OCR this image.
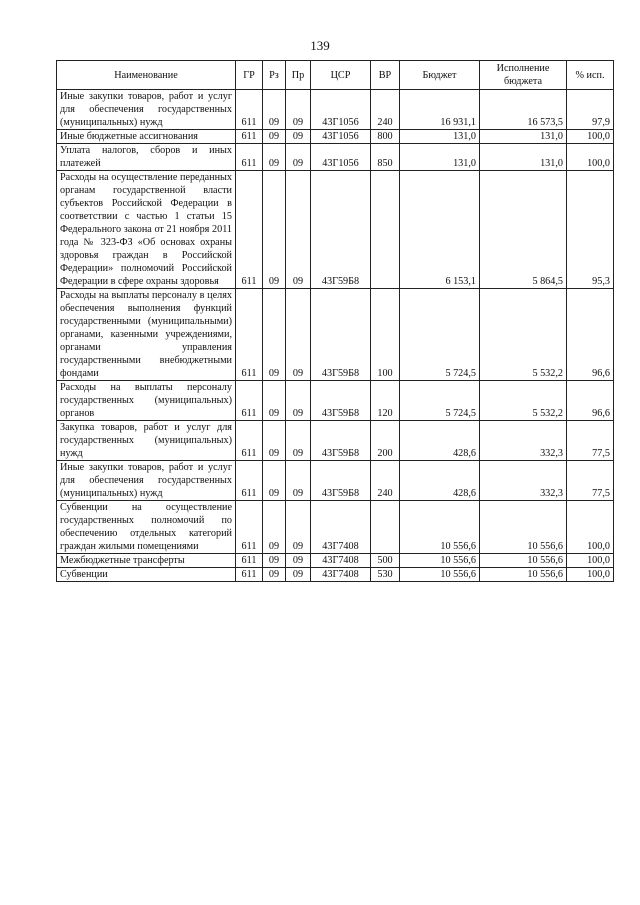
139
Наименование	ГР	Рз	Пр	ЦСР	ВР	Бюджет	Исполнение бюджета	% исп.
Иные закупки товаров, работ и услуг для обеспечения государственных (муниципальных) нужд	611	09	09	43Г1056	240	16 931,1	16 573,5	97,9
Иные бюджетные ассигнования	611	09	09	43Г1056	800	131,0	131,0	100,0
Уплата налогов, сборов и иных платежей	611	09	09	43Г1056	850	131,0	131,0	100,0
Расходы на осуществление переданных органам государственной власти субъектов Российской Федерации в соответствии с частью 1 статьи 15 Федерального закона от 21 ноября 2011 года № 323-ФЗ «Об основах охраны здоровья граждан в Российской Федерации» полномочий Российской Федерации в сфере охраны здоровья	611	09	09	43Г59Б8		6 153,1	5 864,5	95,3
Расходы на выплаты персоналу в целях обеспечения выполнения функций государственными (муниципальными) органами, казенными учреждениями, органами управления государственными внебюджетными фондами	611	09	09	43Г59Б8	100	5 724,5	5 532,2	96,6
Расходы на выплаты персоналу государственных (муниципальных) органов	611	09	09	43Г59Б8	120	5 724,5	5 532,2	96,6
Закупка товаров, работ и услуг для государственных (муниципальных) нужд	611	09	09	43Г59Б8	200	428,6	332,3	77,5
Иные закупки товаров, работ и услуг для обеспечения государственных (муниципальных) нужд	611	09	09	43Г59Б8	240	428,6	332,3	77,5
Субвенции на осуществление государственных полномочий по обеспечению отдельных категорий граждан жилыми помещениями	611	09	09	43Г7408		10 556,6	10 556,6	100,0
Межбюджетные трансферты	611	09	09	43Г7408	500	10 556,6	10 556,6	100,0
Субвенции	611	09	09	43Г7408	530	10 556,6	10 556,6	100,0
